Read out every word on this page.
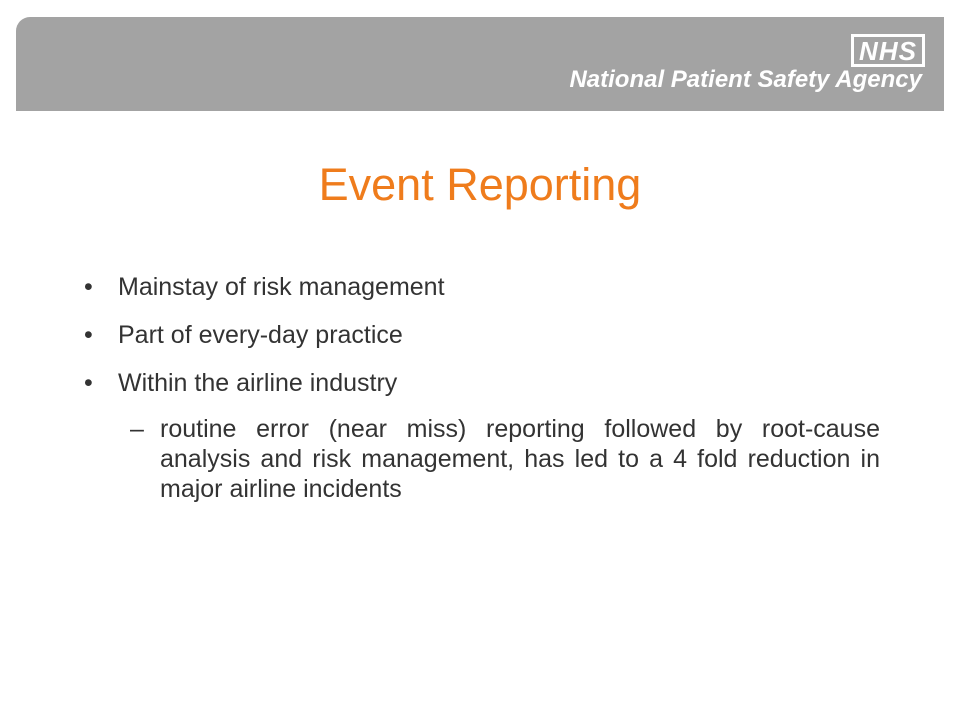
NHS
National Patient Safety Agency
Event Reporting
• Mainstay of risk management
• Part of every-day practice
• Within the airline industry
– routine error (near miss) reporting followed by root-cause analysis and risk management, has led to a 4 fold reduction in major airline incidents
